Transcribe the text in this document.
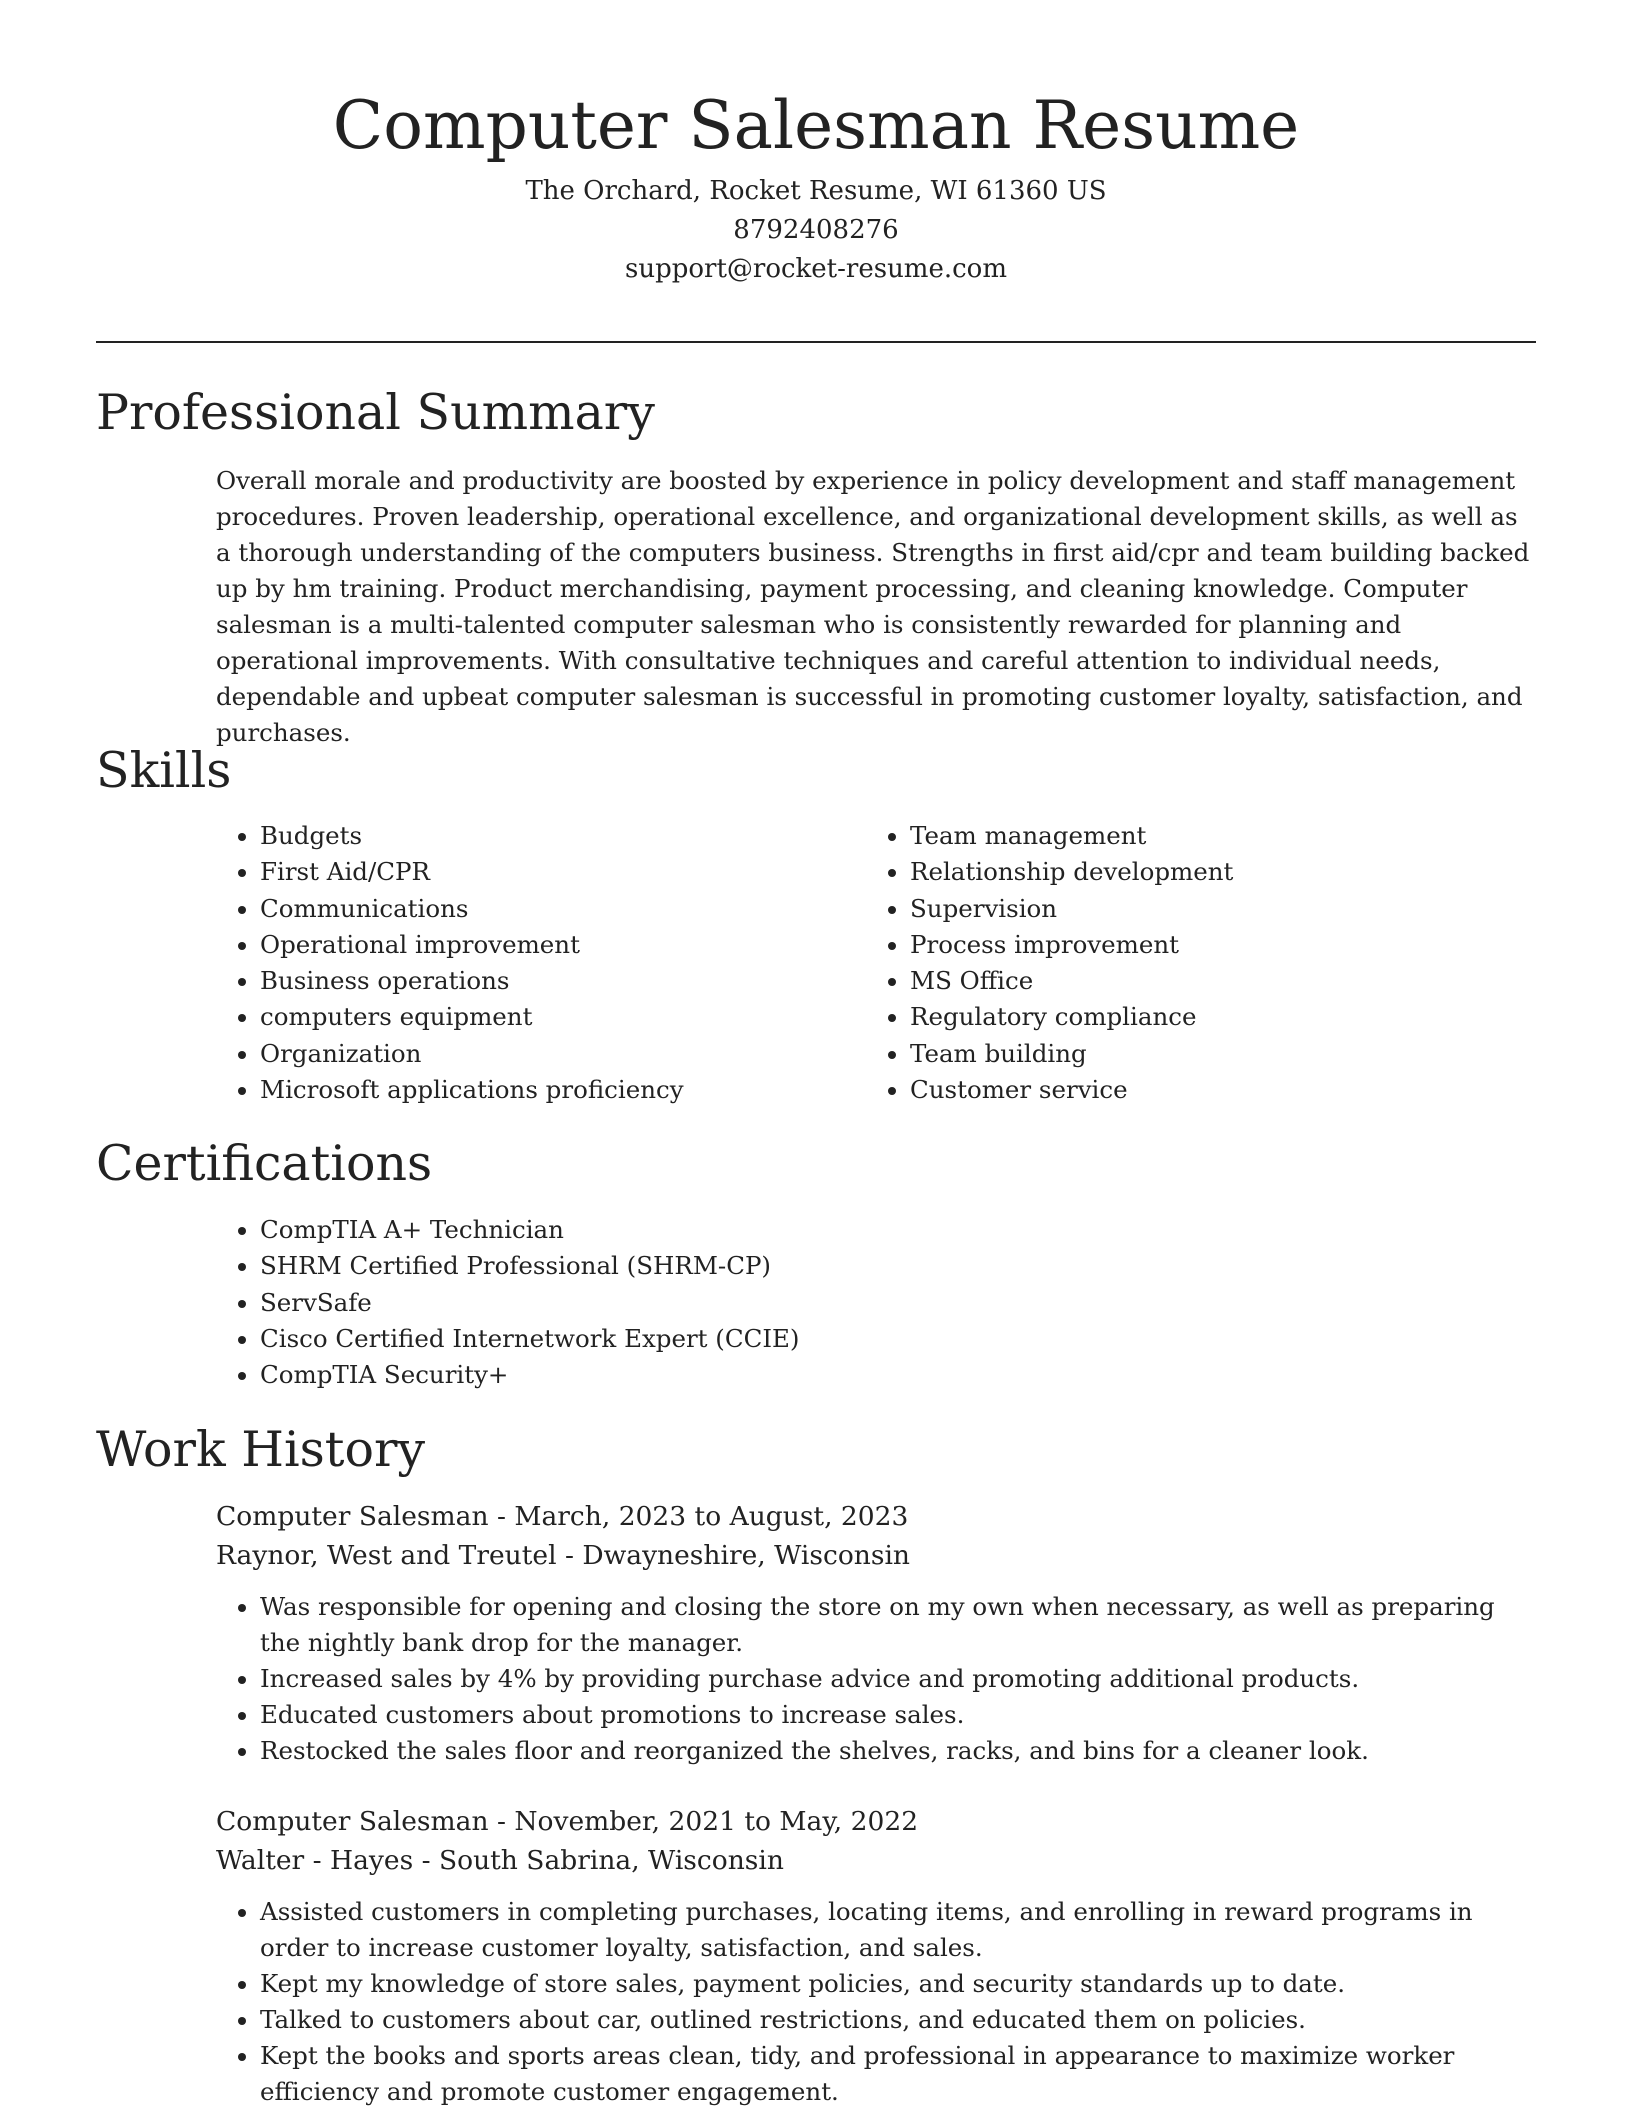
Computer Salesman Resume

The Orchard, Rocket Resume, WI 61360 US

8792408276

support@rocket-resume.com

Professional Summary

Overall morale and productivity are boosted by experience in policy development and staff management procedures. Proven leadership, operational excellence, and organizational development skills, as well as a thorough understanding of the computers business. Strengths in first aid/cpr and team building backed up by hm training. Product merchandising, payment processing, and cleaning knowledge. Computer salesman is a multi-talented computer salesman who is consistently rewarded for planning and operational improvements. With consultative techniques and careful attention to individual needs, dependable and upbeat computer salesman is successful in promoting customer loyalty, satisfaction, and purchases.

Skills
• Budgets
• First Aid/CPR
• Communications
• Operational improvement
• Business operations
• computers equipment
• Organization
• Microsoft applications proficiency
• Team management
• Relationship development
• Supervision
• Process improvement
• MS Office
• Regulatory compliance
• Team building
• Customer service
Certifications
• CompTIA A+ Technician
• SHRM Certified Professional (SHRM-CP)
• ServSafe
• Cisco Certified Internetwork Expert (CCIE)
• CompTIA Security+
Work History

Computer Salesman - March, 2023 to August, 2023

Raynor, West and Treutel - Dwayneshire, Wisconsin

• Was responsible for opening and closing the store on my own when necessary, as well as preparing the nightly bank drop for the manager.
• Increased sales by 4% by providing purchase advice and promoting additional products.
• Educated customers about promotions to increase sales.
• Restocked the sales floor and reorganized the shelves, racks, and bins for a cleaner look.

Computer Salesman - November, 2021 to May, 2022

Walter - Hayes - South Sabrina, Wisconsin

• Assisted customers in completing purchases, locating items, and enrolling in reward programs in order to increase customer loyalty, satisfaction, and sales.
• Kept my knowledge of store sales, payment policies, and security standards up to date.
• Talked to customers about car, outlined restrictions, and educated them on policies.
• Kept the books and sports areas clean, tidy, and professional in appearance to maximize worker efficiency and promote customer engagement.
